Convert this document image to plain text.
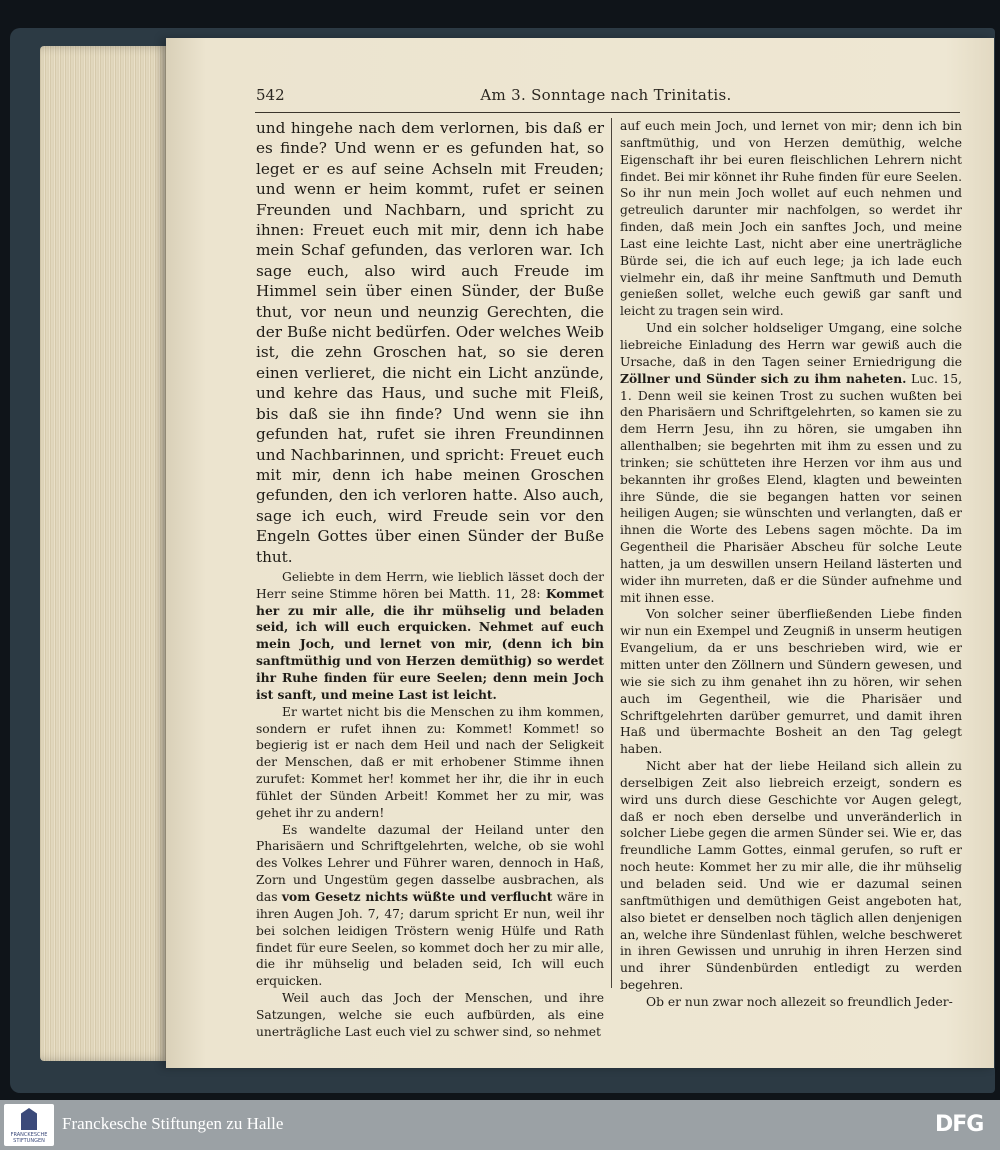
542	Am 3. Sonntage nach Trinitatis.

und hingehe nach dem verlornen, bis daß er es finde? Und wenn er es gefunden hat, so leget er es auf seine Achseln mit Freuden; und wenn er heim kommt, rufet er seinen Freunden und Nachbarn, und spricht zu ihnen: Freuet euch mit mir, denn ich habe mein Schaf gefunden, das verloren war. Ich sage euch, also wird auch Freude im Himmel sein über einen Sünder, der Buße thut, vor neun und neunzig Gerechten, die der Buße nicht bedürfen. Oder welches Weib ist, die zehn Groschen hat, so sie deren einen verlieret, die nicht ein Licht anzünde, und kehre das Haus, und suche mit Fleiß, bis daß sie ihn finde? Und wenn sie ihn gefunden hat, rufet sie ihren Freundinnen und Nachbarinnen, und spricht: Freuet euch mit mir, denn ich habe meinen Groschen gefunden, den ich verloren hatte. Also auch, sage ich euch, wird Freude sein vor den Engeln Gottes über einen Sünder der Buße thut.

Geliebte in dem Herrn, wie lieblich lässet doch der Herr seine Stimme hören bei Matth. 11, 28: Kommet her zu mir alle, die ihr mühselig und beladen seid, ich will euch erquicken. Nehmet auf euch mein Joch, und lernet von mir, (denn ich bin sanftmüthig und von Herzen demüthig) so werdet ihr Ruhe finden für eure Seelen; denn mein Joch ist sanft, und meine Last ist leicht.

Er wartet nicht bis die Menschen zu ihm kommen, sondern er rufet ihnen zu: Kommet! Kommet! so begierig ist er nach dem Heil und nach der Seligkeit der Menschen, daß er mit erhobener Stimme ihnen zurufet: Kommet her! kommet her ihr, die ihr in euch fühlet der Sünden Arbeit! Kommet her zu mir, was gehet ihr zu andern!

Es wandelte dazumal der Heiland unter den Pharisäern und Schriftgelehrten, welche, ob sie wohl des Volkes Lehrer und Führer waren, dennoch in Haß, Zorn und Ungestüm gegen dasselbe ausbrachen, als das vom Gesetz nichts wüßte und verflucht wäre in ihren Augen Joh. 7, 47; darum spricht Er nun, weil ihr bei solchen leidigen Tröstern wenig Hülfe und Rath findet für eure Seelen, so kommet doch her zu mir alle, die ihr mühselig und beladen seid, Ich will euch erquicken.

Weil auch das Joch der Menschen, und ihre Satzungen, welche sie euch aufbürden, als eine unerträgliche Last euch viel zu schwer sind, so nehmet

auf euch mein Joch, und lernet von mir; denn ich bin sanftmüthig, und von Herzen demüthig, welche Eigenschaft ihr bei euren fleischlichen Lehrern nicht findet. Bei mir könnet ihr Ruhe finden für eure Seelen. So ihr nun mein Joch wollet auf euch nehmen und getreulich darunter mir nachfolgen, so werdet ihr finden, daß mein Joch ein sanftes Joch, und meine Last eine leichte Last, nicht aber eine unerträgliche Bürde sei, die ich auf euch lege; ja ich lade euch vielmehr ein, daß ihr meine Sanftmuth und Demuth genießen sollet, welche euch gewiß gar sanft und leicht zu tragen sein wird.

Und ein solcher holdseliger Umgang, eine solche liebreiche Einladung des Herrn war gewiß auch die Ursache, daß in den Tagen seiner Erniedrigung die Zöllner und Sünder sich zu ihm naheten. Luc. 15, 1. Denn weil sie keinen Trost zu suchen wußten bei den Pharisäern und Schriftgelehrten, so kamen sie zu dem Herrn Jesu, ihn zu hören, sie umgaben ihn allenthalben; sie begehrten mit ihm zu essen und zu trinken; sie schütteten ihre Herzen vor ihm aus und bekannten ihr großes Elend, klagten und beweinten ihre Sünde, die sie begangen hatten vor seinen heiligen Augen; sie wünschten und verlangten, daß er ihnen die Worte des Lebens sagen möchte. Da im Gegentheil die Pharisäer Abscheu für solche Leute hatten, ja um deswillen unsern Heiland lästerten und wider ihn murreten, daß er die Sünder aufnehme und mit ihnen esse.

Von solcher seiner überfließenden Liebe finden wir nun ein Exempel und Zeugniß in unserm heutigen Evangelium, da er uns beschrieben wird, wie er mitten unter den Zöllnern und Sündern gewesen, und wie sie sich zu ihm genahet ihn zu hören, wir sehen auch im Gegentheil, wie die Pharisäer und Schriftgelehrten darüber gemurret, und damit ihren Haß und übermachte Bosheit an den Tag gelegt haben.

Nicht aber hat der liebe Heiland sich allein zu derselbigen Zeit also liebreich erzeigt, sondern es wird uns durch diese Geschichte vor Augen gelegt, daß er noch eben derselbe und unveränderlich in solcher Liebe gegen die armen Sünder sei. Wie er, das freundliche Lamm Gottes, einmal gerufen, so ruft er noch heute: Kommet her zu mir alle, die ihr mühselig und beladen seid. Und wie er dazumal seinen sanftmüthigen und demüthigen Geist angeboten hat, also bietet er denselben noch täglich allen denjenigen an, welche ihre Sündenlast fühlen, welche beschweret in ihren Gewissen und unruhig in ihren Herzen sind und ihrer Sündenbürden entledigt zu werden begehren.

Ob er nun zwar noch allezeit so freundlich Jeder-

FRANCKESCHE
STIFTUNGEN
Franckesche Stiftungen zu Halle	DFG
